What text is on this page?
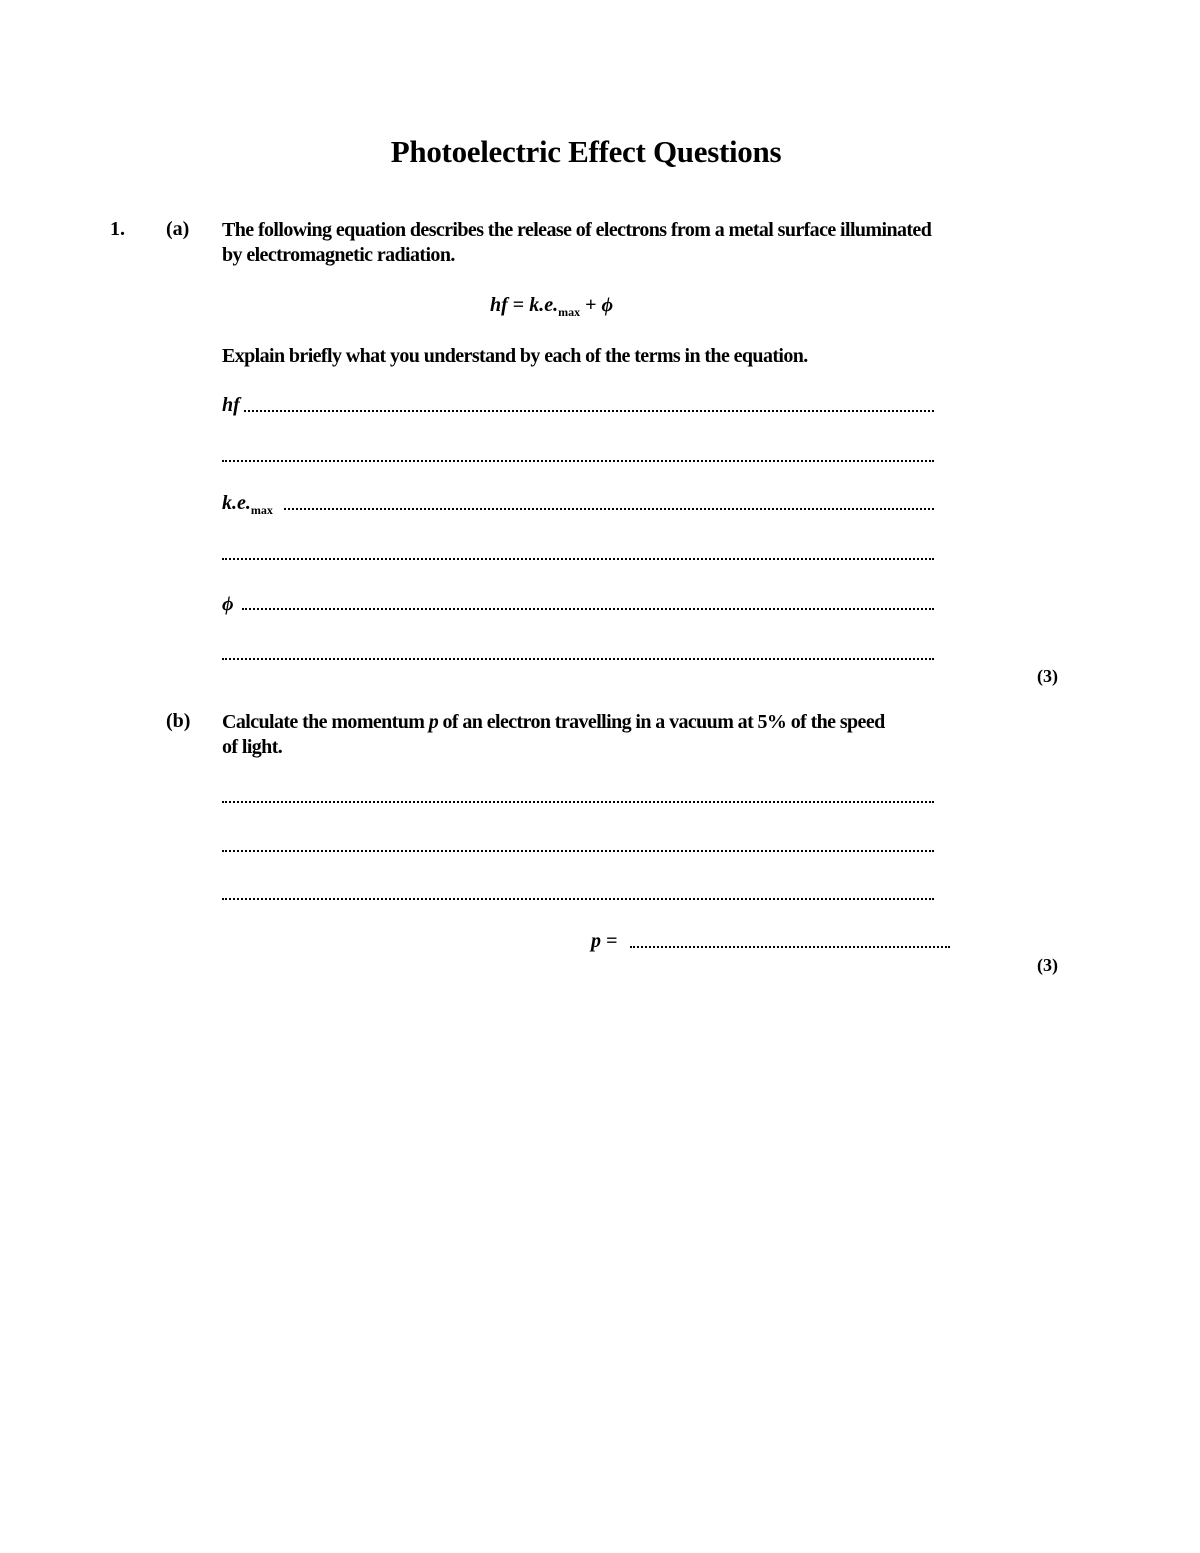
Photoelectric Effect Questions
1. (a) The following equation describes the release of electrons from a metal surface illuminated
by electromagnetic radiation.
hf = $k.e._{max} + \phi$
Explain briefly what you understand by each of the terms in the equation.
hf
$k.e._{max}$
ϕ
(3)
(b) Calculate the momentum p of an electron travelling in a vacuum at 5% of the speed
of light.
p =
(3)
